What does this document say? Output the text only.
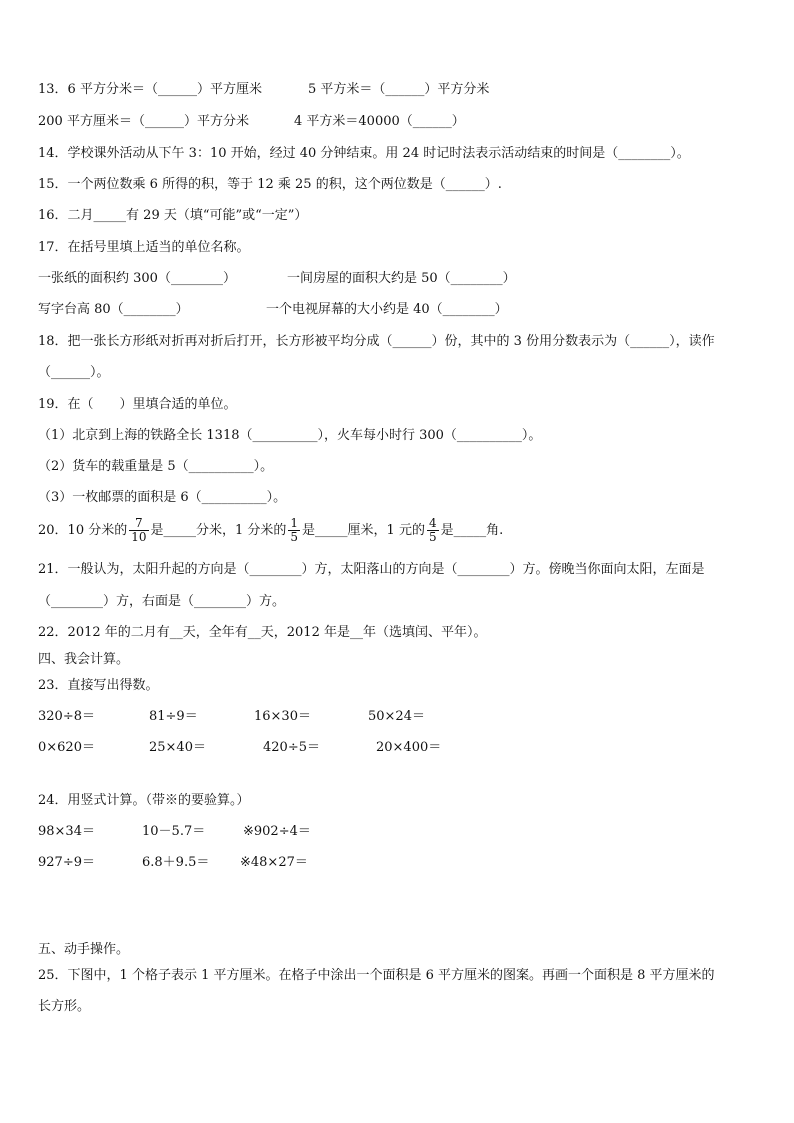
13．6 平方分米＝（______）平方厘米	5 平方米＝（______）平方分米
200 平方厘米＝（______）平方分米	4 平方米＝40000（______）
14．学校课外活动从下午 3：10 开始，经过 40 分钟结束。用 24 时记时法表示活动结束的时间是（________）。
15．一个两位数乘 6 所得的积，等于 12 乘 25 的积，这个两位数是（______）.
16．二月_____有 29 天（填“可能”或“一定”）
17．在括号里填上适当的单位名称。
一张纸的面积约 300（________）	一间房屋的面积大约是 50（________）
写字台高 80（________）	一个电视屏幕的大小约是 40（________）
18．把一张长方形纸对折再对折后打开，长方形被平均分成（______）份，其中的 3 份用分数表示为（______），读作
（______）。
19．在（　　）里填合适的单位。
（1）北京到上海的铁路全长 1318（__________），火车每小时行 300（__________）。
（2）货车的载重量是 5（__________）。
（3）一枚邮票的面积是 6（__________）。
20．10 分米的 $\frac{7}{10}$ 是_____分米，1 分米的 $\frac{1}{5}$ 是_____厘米，1 元的 $\frac{4}{5}$ 是_____角.
21．一般认为，太阳升起的方向是（________）方，太阳落山的方向是（________）方。傍晚当你面向太阳，左面是
（________）方，右面是（________）方。
22．2012 年的二月有__天，全年有__天，2012 年是__年（选填闰、平年）。
四、我会计算。
23．直接写出得数。
320÷8＝	81÷9＝	16×30＝	50×24＝
0×620＝	25×40＝	420÷5＝	20×400＝
24．用竖式计算。（带※的要验算。）
98×34＝	10－5.7＝	※902÷4＝
927÷9＝	6.8＋9.5＝ ※48×27＝
五、动手操作。
25．下图中，1 个格子表示 1 平方厘米。在格子中涂出一个面积是 6 平方厘米的图案。再画一个面积是 8 平方厘米的
长方形。
